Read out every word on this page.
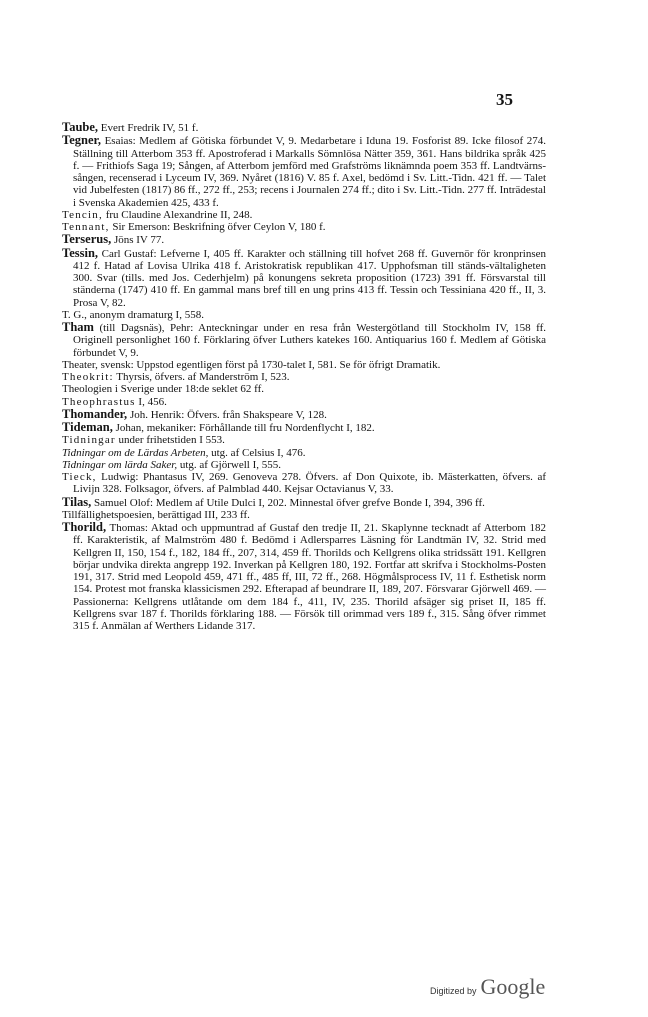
35

Taube, Evert Fredrik IV, 51 f.

Tegner, Esaias: Medlem af Götiska förbundet V, 9. Medarbetare i Iduna 19. Fosforist 89. Icke filosof 274. Ställning till Atterbom 353 ff. Apostroferad i Markalls Sömnlösa Nätter 359, 361. Hans bildrika språk 425 f. — Frithiofs Saga 19; Sången, af Atterbom jemförd med Grafströms liknämnda poem 353 ff. Landtvärns-sången, recenserad i Lyceum IV, 369. Nyåret (1816) V. 85 f. Axel, bedömd i Sv. Litt.-Tidn. 421 ff. — Talet vid Jubelfesten (1817) 86 ff., 272 ff., 253; recens i Journalen 274 ff.; dito i Sv. Litt.-Tidn. 277 ff. Inträdestal i Svenska Akademien 425, 433 f.

Tencin, fru Claudine Alexandrine II, 248.

Tennant, Sir Emerson: Beskrifning öfver Ceylon V, 180 f.

Terserus, Jöns IV 77.

Tessin, Carl Gustaf: Lefverne I, 405 ff. Karakter och ställning till hofvet 268 ff. Guvernör för kronprinsen 412 f. Hatad af Lovisa Ulrika 418 f. Aristokratisk republikan 417. Upphofsman till ständs-vältaligheten 300. Svar (tills. med Jos. Cederhjelm) på konungens sekreta proposition (1723) 391 ff. Försvarstal till ständerna (1747) 410 ff. En gammal mans bref till en ung prins 413 ff. Tessin och Tessiniana 420 ff., II, 3. Prosa V, 82.

T. G., anonym dramaturg I, 558.

Tham (till Dagsnäs), Pehr: Anteckningar under en resa från Westergötland till Stockholm IV, 158 ff. Originell personlighet 160 f. Förklaring öfver Luthers katekes 160. Antiquarius 160 f. Medlem af Götiska förbundet V, 9.

Theater, svensk: Uppstod egentligen först på 1730-talet I, 581. Se för öfrigt Dramatik.

Theokrit: Thyrsis, öfvers. af Manderström I, 523.

Theologien i Sverige under 18:de seklet 62 ff.

Theophrastus I, 456.

Thomander, Joh. Henrik: Öfvers. från Shakspeare V, 128.

Tideman, Johan, mekaniker: Förhållande till fru Nordenflycht I, 182.

Tidningar under frihetstiden I 553.

Tidningar om de Lärdas Arbeten, utg. af Celsius I, 476.

Tidningar om lärda Saker, utg. af Gjörwell I, 555.

Tieck, Ludwig: Phantasus IV, 269. Genoveva 278. Öfvers. af Don Quixote, ib. Mästerkatten, öfvers. af Livijn 328. Folksagor, öfvers. af Palmblad 440. Kejsar Octavianus V, 33.

Tilas, Samuel Olof: Medlem af Utile Dulci I, 202. Minnestal öfver grefve Bonde I, 394, 396 ff.

Tillfällighetspoesien, berättigad III, 233 ff.

Thorild, Thomas: Aktad och uppmuntrad af Gustaf den tredje II, 21. Skaplynne tecknadt af Atterbom 182 ff. Karakteristik, af Malmström 480 f. Bedömd i Adlersparres Läsning för Landtmän IV, 32. Strid med Kellgren II, 150, 154 f., 182, 184 ff., 207, 314, 459 ff. Thorilds och Kellgrens olika stridssätt 191. Kellgren börjar undvika direkta angrepp 192. Inverkan på Kellgren 180, 192. Fortfar att skrifva i Stockholms-Posten 191, 317. Strid med Leopold 459, 471 ff., 485 ff, III, 72 ff., 268. Högmålsprocess IV, 11 f. Esthetisk norm 154. Protest mot franska klassicismen 292. Efterapad af beundrare II, 189, 207. Försvarar Gjörwell 469. — Passionerna: Kellgrens utlåtande om dem 184 f., 411, IV, 235. Thorild afsäger sig priset II, 185 ff. Kellgrens svar 187 f. Thorilds förklaring 188. — Försök till orimmad vers 189 f., 315. Sång öfver rimmet 315 f. Anmälan af Werthers Lidande 317.

Digitized by Google
